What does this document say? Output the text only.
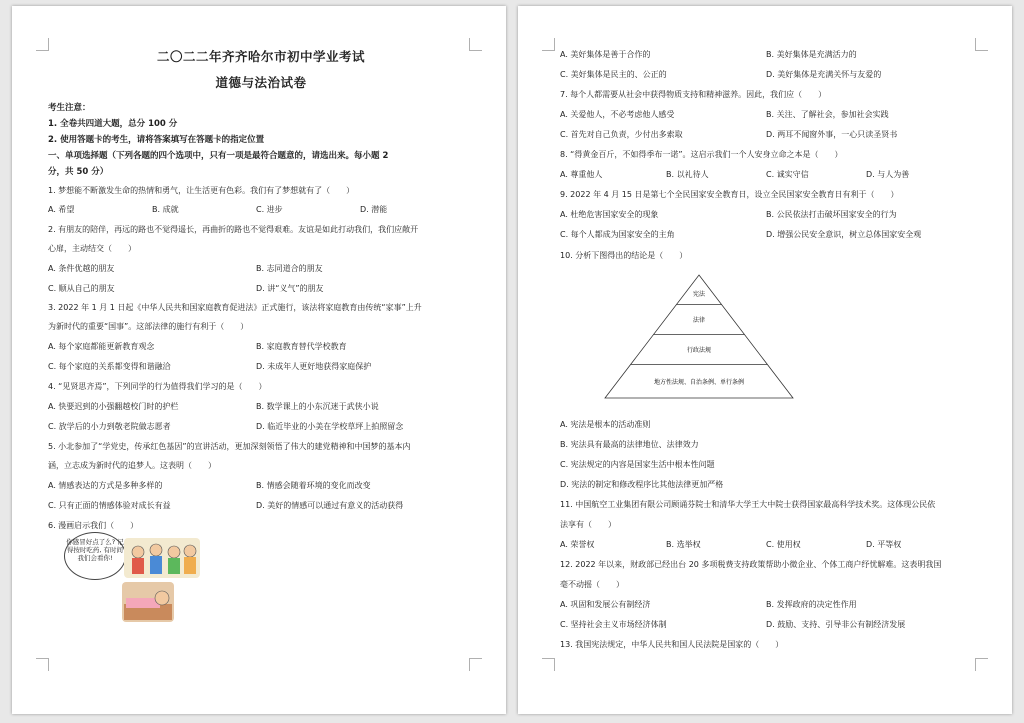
二〇二二年齐齐哈尔市初中学业考试
道德与法治试卷
考生注意：
1. 全卷共四道大题，总分 100 分
2. 使用答题卡的考生，请将答案填写在答题卡的指定位置
一、单项选择题（下列各题的四个选项中，只有一项是最符合题意的，请选出来。每小题 2
分，共 50 分）
1. 梦想能不断激发生命的热情和勇气，让生活更有色彩。我们有了梦想就有了（　　）
A. 希望	B. 成就	C. 进步	D. 潜能
2. 有朋友的陪伴，再远的路也不觉得遥长，再曲折的路也不觉得艰难。友谊是如此打动我们，我们应敞开
心扉，主动结交（　　）
A. 条件优越的朋友	B. 志同道合的朋友
C. 顺从自己的朋友	D. 讲“义气”的朋友
3. 2022 年 1 月 1 日起《中华人民共和国家庭教育促进法》正式施行，该法将家庭教育由传统“家事”上升
为新时代的重要“国事”。这部法律的施行有利于（　　）
A. 每个家庭都能更新教育观念	B. 家庭教育替代学校教育
C. 每个家庭的关系都变得和谐融洽	D. 未成年人更好地获得家庭保护
4. “见贤思齐焉”，下列同学的行为值得我们学习的是（　　）
A. 快要迟到的小强翻越校门时的护栏	B. 数学课上的小东沉迷于武侠小说
C. 放学后的小力到敬老院做志愿者	D. 临近毕业的小美在学校草坪上拍照留念
5. 小北参加了“学党史，传承红色基因”的宣讲活动，更加深刻领悟了伟大的建党精神和中国梦的基本内
涵，立志成为新时代的追梦人。这表明（　　）
A. 情感表达的方式是多种多样的	B. 情感会随着环境的变化而改变
C. 只有正面的情感体验对成长有益	D. 美好的情感可以通过有意义的活动获得
6. 漫画启示我们（　　）
你感冒好点了么? 记得按时吃药, 有时间我们会看你!
A. 美好集体是善于合作的	B. 美好集体是充满活力的
C. 美好集体是民主的、公正的	D. 美好集体是充满关怀与友爱的
7. 每个人都需要从社会中获得物质支持和精神滋养。因此，我们应（　　）
A. 关爱他人，不必考虑他人感受	B. 关注、了解社会，参加社会实践
C. 首先对自己负责，少付出多索取	D. 两耳不闻窗外事，一心只读圣贤书
8. “得黄金百斤，不如得季布一诺”。这启示我们一个人安身立命之本是（　　）
A. 尊重他人	B. 以礼待人	C. 诚实守信	D. 与人为善
9. 2022 年 4 月 15 日是第七个全民国家安全教育日，设立全民国家安全教育日有利于（　　）
A. 杜绝危害国家安全的现象	B. 公民依法打击破坏国家安全的行为
C. 每个人都成为国家安全的主角	D. 增强公民安全意识，树立总体国家安全观
10. 分析下图得出的结论是（　　）
宪法
法律
行政法规
地方性法规、自治条例、单行条例
A. 宪法是根本的活动准则
B. 宪法具有最高的法律地位、法律效力
C. 宪法规定的内容是国家生活中根本性问题
D. 宪法的制定和修改程序比其他法律更加严格
11. 中国航空工业集团有限公司顾诵芬院士和清华大学王大中院士获得国家最高科学技术奖。这体现公民依
法享有（　　）
A. 荣誉权	B. 选举权	C. 使用权	D. 平等权
12. 2022 年以来，财政部已经出台 20 多项税费支持政策帮助小微企业、个体工商户纾忧解难。这表明我国
毫不动摇（　　）
A. 巩固和发展公有制经济	B. 发挥政府的决定性作用
C. 坚持社会主义市场经济体制	D. 鼓励、支持、引导非公有制经济发展
13. 我国宪法规定，中华人民共和国人民法院是国家的（　　）
